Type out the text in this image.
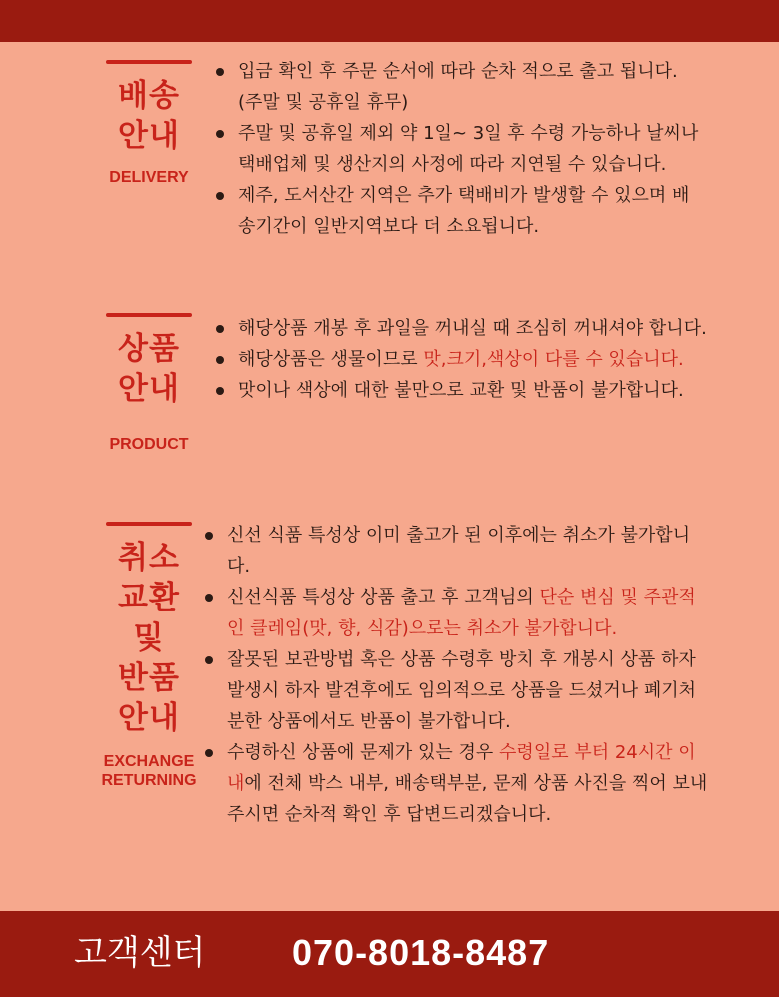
배송
안내
DELIVERY
입금 확인 후 주문 순서에 따라 순차 적으로 출고 됩니다. (주말 및 공휴일 휴무)
주말 및 공휴일 제외 약 1일~ 3일 후 수령 가능하나 날씨나 택배업체 및 생산지의 사정에 따라 지연될 수 있습니다.
제주, 도서산간 지역은 추가 택배비가 발생할 수 있으며 배송기간이 일반지역보다 더 소요됩니다.
상품
안내
PRODUCT
해당상품 개봉 후 과일을 꺼내실 때 조심히 꺼내셔야 합니다.
해당상품은 생물이므로 맛,크기,색상이 다를 수 있습니다.
맛이나 색상에 대한 불만으로 교환 및 반품이 불가합니다.
취소
교환
및
반품
안내
EXCHANGE
RETURNING
신선 식품 특성상 이미 출고가 된 이후에는 취소가 불가합니다.
신선식품 특성상 상품 출고 후 고객님의 단순 변심 및 주관적인 클레임(맛, 향, 식감)으로는 취소가 불가합니다.
잘못된 보관방법 혹은 상품 수령후 방치 후 개봉시 상품 하자 발생시 하자 발견후에도 임의적으로 상품을 드셨거나 폐기처분한 상품에서도 반품이 불가합니다.
수령하신 상품에 문제가 있는 경우 수령일로 부터 24시간 이내에 전체 박스 내부, 배송택부분, 문제 상품 사진을 찍어 보내주시면 순차적 확인 후 답변드리겠습니다.
고객센터 070-8018-8487
